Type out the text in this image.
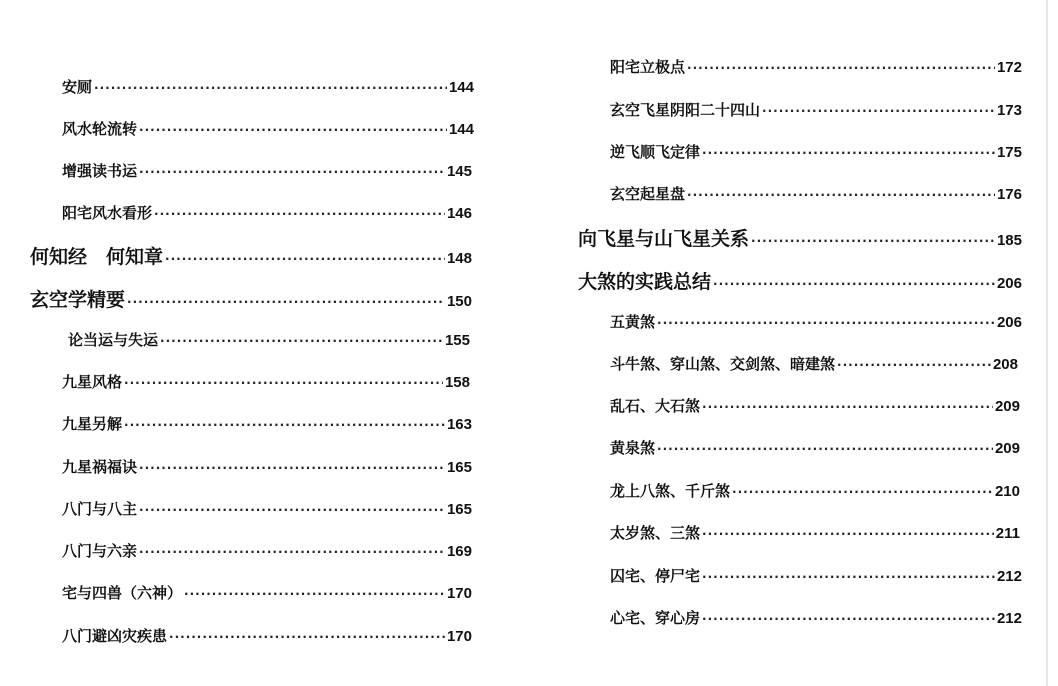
安厕 ·····	144
风水轮流转 ·····	144
增强读书运 ·····	145
阳宅风水看形 ·····	146
何知经　何知章 ·····	148
玄空学精要 ·····	150
论当运与失运 ·····	155
九星风格 ·····	158
九星另解 ·····	163
九星祸福诀 ·····	165
八门与八主 ·····	165
八门与六亲 ·····	169
宅与四兽（六神） ·····	170
八门避凶灾疾患 ·····	170
阳宅立极点 ·····	172
玄空飞星阴阳二十四山 ·····	173
逆飞顺飞定律 ·····	175
玄空起星盘 ·····	176
向飞星与山飞星关系 ·····	185
大煞的实践总结 ·····	206
五黄煞 ·····	206
斗牛煞、穿山煞、交剑煞、暗建煞 ·····	208
乱石、大石煞 ·····	209
黄泉煞 ·····	209
龙上八煞、千斤煞 ·····	210
太岁煞、三煞 ·····	211
囚宅、停尸宅 ·····	212
心宅、穿心房 ·····	212
